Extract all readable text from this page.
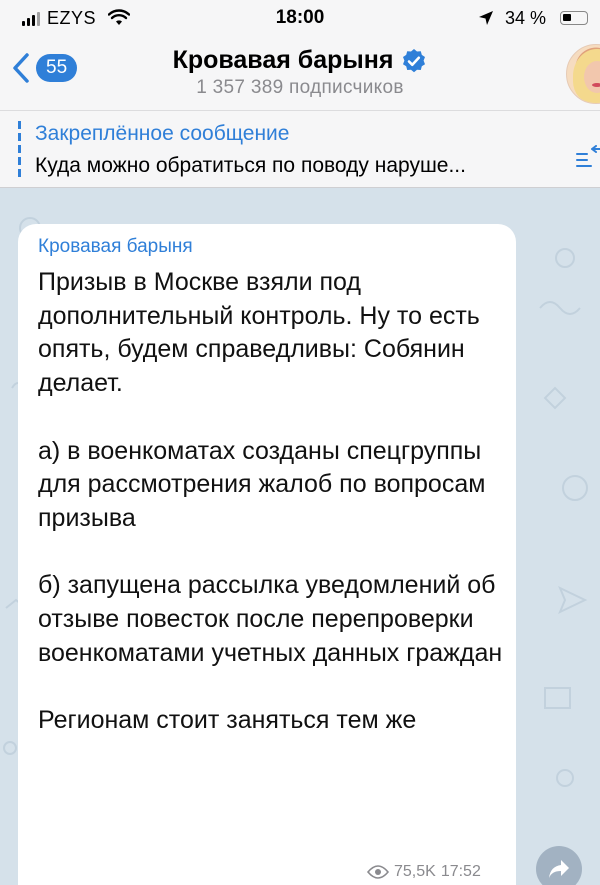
EZYS	18:00	34 %
55	Кровавая барыня
1 357 389 подписчиков
Закреплённое сообщение
Куда можно обратиться по поводу наруше...
Кровавая барыня
Призыв в Москве взяли под дополнительный контроль. Ну то есть опять, будем справедливы: Собянин делает.

а) в военкоматах созданы спецгруппы для рассмотрения жалоб по вопросам призыва

б) запущена рассылка уведомлений об отзыве повесток после перепроверки военкоматами учетных данных граждан

Регионам стоит заняться тем же
75,5K 17:52
